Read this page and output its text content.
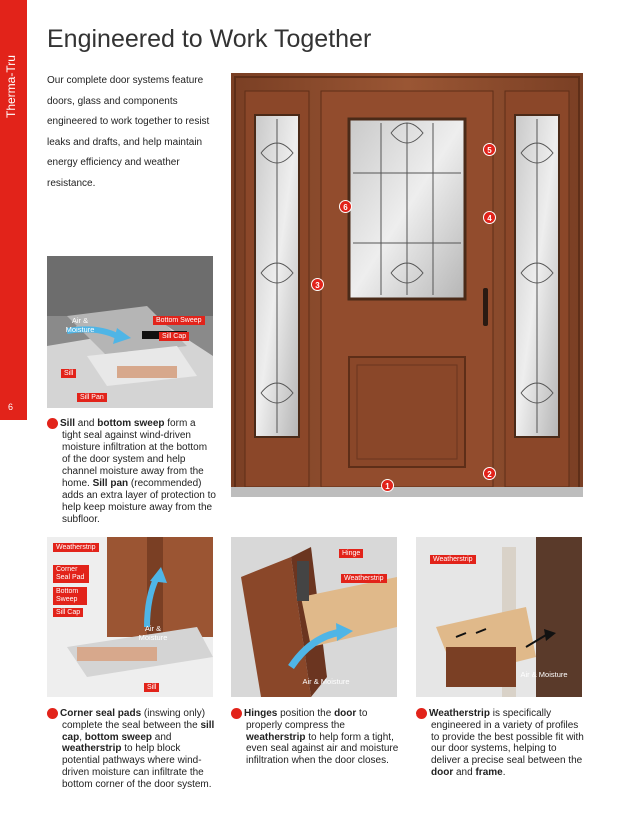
Therma-Tru . Doors
6
Engineered to Work Together

Our complete door systems feature doors, glass and components engineered to work together to resist leaks and drafts, and help maintain energy efficiency and weather resistance.

1
2
3
4
5
6
Air & Moisture
Bottom Sweep
Sill Cap
Sill
Sill Pan
1 Sill and bottom sweep form a tight seal against wind-driven moisture infiltration at the bottom of the door system and help channel moisture away from the home. Sill pan (recommended) adds an extra layer of protection to help keep moisture away from the subfloor.
Weatherstrip
Corner Seal Pad
Bottom Sweep
Sill Cap
Air & Moisture
Sill
Hinge
Weatherstrip
Air & Moisture
2 Corner seal pads (inswing only) complete the seal between the sill cap, bottom sweep and weatherstrip to help block potential pathways where wind-driven moisture can infiltrate the bottom corner of the door system.
3 Hinges position the door to properly compress the weatherstrip to help form a tight, even seal against air and moisture infiltration when the door closes.
Weatherstrip
Air & Moisture
4 Weatherstrip is specifically engineered in a variety of profiles to provide the best possible fit with our door systems, helping to deliver a precise seal between the door and frame.
